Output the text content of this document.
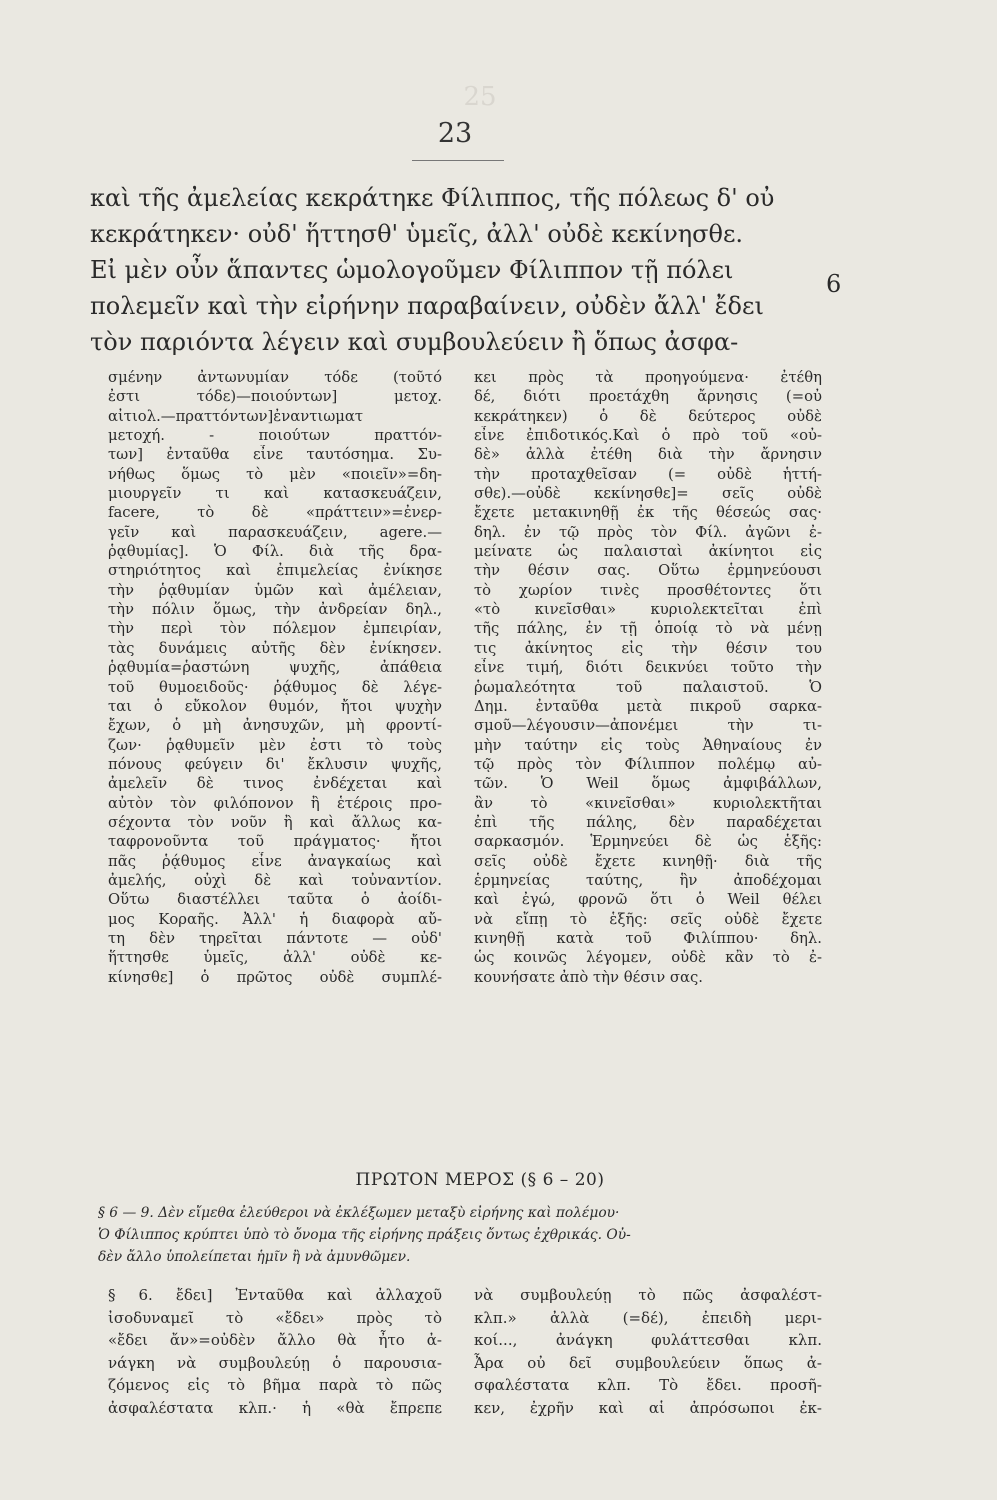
25
23
καὶ τῆς ἀμελείας κεκράτηκε Φίλιππος, τῆς πόλεως δ' οὐ
κεκράτηκεν· οὐδ' ἥττησθ' ὑμεῖς, ἀλλ' οὐδὲ κεκίνησθε.
Εἰ μὲν οὖν ἅπαντες ὡμολογοῦμεν Φίλιππον τῇ πόλει
πολεμεῖν καὶ τὴν εἰρήνην παραβαίνειν, οὐδὲν ἄλλ' ἔδει
τὸν παριόντα λέγειν καὶ συμβουλεύειν ἢ ὅπως ἀσφα-
6
σμένην ἀντωνυμίαν τόδε (τοῦτό
ἐστι τόδε)—ποιούντων] μετοχ.
αἰτιολ.—πραττόντων]ἐναντιωματ
μετοχή. - ποιούτων πραττόν-
των] ἐνταῦθα εἶνε ταυτόσημα. Συ-
νήθως ὅμως τὸ μὲν «ποιεῖν»=δη-
μιουργεῖν τι καὶ κατασκευάζειν,
facere, τὸ δὲ «πράττειν»=ἐνερ-
γεῖν καὶ παρασκευάζειν, agere.—
ῥᾳθυμίας]. Ὁ Φίλ. διὰ τῆς δρα-
στηριότητος καὶ ἐπιμελείας ἐνίκησε
τὴν ῥᾳθυμίαν ὑμῶν καὶ ἀμέλειαν,
τὴν πόλιν ὅμως, τὴν ἀνδρείαν δηλ.,
τὴν περὶ τὸν πόλεμον ἐμπειρίαν,
τὰς δυνάμεις αὐτῆς δὲν ἐνίκησεν.
ῥᾳθυμία=ῥαστώνη ψυχῆς, ἀπάθεια
τοῦ θυμοειδοῦς· ῥᾴθυμος δὲ λέγε-
ται ὁ εὔκολον θυμόν, ἤτοι ψυχὴν
ἔχων, ὁ μὴ ἀνησυχῶν, μὴ φροντί-
ζων· ῥᾳθυμεῖν μὲν ἐστι τὸ τοὺς
πόνους φεύγειν δι' ἔκλυσιν ψυχῆς,
ἀμελεῖν δὲ τινος ἐνδέχεται καὶ
αὐτὸν τὸν φιλόπονον ἢ ἑτέροις προ-
σέχοντα τὸν νοῦν ἢ καὶ ἄλλως κα-
ταφρονοῦντα τοῦ πράγματος· ἤτοι
πᾶς ῥᾴθυμος εἶνε ἀναγκαίως καὶ
ἀμελής, οὐχὶ δὲ καὶ τοὐναντίον.
Οὕτω διαστέλλει ταῦτα ὁ ἀοίδι-
μος Κοραῆς. Ἀλλ' ἡ διαφορὰ αὔ-
τη δὲν τηρεῖται πάντοτε — οὐδ'
ἥττησθε ὑμεῖς, ἀλλ' οὐδὲ κε-
κίνησθε] ὁ πρῶτος οὐδὲ συμπλέ-
κει πρὸς τὰ προηγούμενα· ἐτέθη
δέ, διότι προετάχθη ἄρνησις (=οὐ
κεκράτηκεν) ὁ δὲ δεύτερος οὐδὲ
εἶνε ἐπιδοτικός.Καὶ ὁ πρὸ τοῦ «οὐ-
δὲ» ἀλλὰ ἐτέθη διὰ τὴν ἄρνησιν
τὴν προταχθεῖσαν (= οὐδὲ ἡττή-
σθε).—οὐδὲ κεκίνησθε]= σεῖς οὐδὲ
ἔχετε μετακινηθῇ ἐκ τῆς θέσεώς σας·
δηλ. ἐν τῷ πρὸς τὸν Φίλ. ἀγῶνι ἐ-
μείνατε ὡς παλαισταὶ ἀκίνητοι εἰς
τὴν θέσιν σας. Οὕτω ἑρμηνεύουσι
τὸ χωρίον τινὲς προσθέτοντες ὅτι
«τὸ κινεῖσθαι» κυριολεκτεῖται ἐπὶ
τῆς πάλης, ἐν τῇ ὁποίᾳ τὸ νὰ μένῃ
τις ἀκίνητος εἰς τὴν θέσιν του
εἶνε τιμή, διότι δεικνύει τοῦτο τὴν
ῥωμαλεότητα τοῦ παλαιστοῦ. Ὁ
Δημ. ἐνταῦθα μετὰ πικροῦ σαρκα-
σμοῦ—λέγουσιν—ἀπονέμει τὴν τι-
μὴν ταύτην εἰς τοὺς Ἀθηναίους ἐν
τῷ πρὸς τὸν Φίλιππον πολέμῳ αὐ-
τῶν. Ὁ Weil ὅμως ἀμφιβάλλων,
ἂν τὸ «κινεῖσθαι» κυριολεκτῆται
ἐπὶ τῆς πάλης, δὲν παραδέχεται
σαρκασμόν. Ἑρμηνεύει δὲ ὡς ἑξῆς:
σεῖς οὐδὲ ἔχετε κινηθῇ· διὰ τῆς
ἑρμηνείας ταύτης, ἣν ἀποδέχομαι
καὶ ἐγώ, φρονῶ ὅτι ὁ Weil θέλει
νὰ εἴπῃ τὸ ἑξῆς: σεῖς οὐδὲ ἔχετε
κινηθῇ κατὰ τοῦ Φιλίππου· δηλ.
ὡς κοινῶς λέγομεν, οὐδὲ κἂν τὸ ἐ-
κουνήσατε ἀπὸ τὴν θέσιν σας.
ΠΡΩΤΟΝ ΜΕΡΟΣ (§ 6 – 20)
§ 6 — 9. Δὲν εἴμεθα ἐλεύθεροι νὰ ἐκλέξωμεν μεταξὺ εἰρήνης καὶ πολέμου·
Ὁ Φίλιππος κρύπτει ὑπὸ τὸ ὄνομα τῆς εἰρήνης πράξεις ὄντως ἐχθρικάς. Οὐ-
δὲν ἄλλο ὑπολείπεται ἡμῖν ἢ νὰ ἀμυνθῶμεν.
§ 6. ἔδει] Ἐνταῦθα καὶ ἀλλαχοῦ
ἰσοδυναμεῖ τὸ «ἔδει» πρὸς τὸ
«ἔδει ἄν»=οὐδὲν ἄλλο θὰ ἦτο ἀ-
νάγκη νὰ συμβουλεύῃ ὁ παρουσια-
ζόμενος εἰς τὸ βῆμα παρὰ τὸ πῶς
ἀσφαλέστατα κλπ.· ἡ «θὰ ἔπρεπε
νὰ συμβουλεύῃ τὸ πῶς ἀσφαλέστ-
κλπ.» ἀλλὰ (=δέ), ἐπειδὴ μερι-
κοί..., ἀνάγκη φυλάττεσθαι κλπ.
Ἆρα οὐ δεῖ συμβουλεύειν ὅπως ἀ-
σφαλέστατα κλπ. Τὸ ἔδει. προσῆ-
κεν, ἐχρῆν καὶ αἱ ἀπρόσωποι ἐκ-
